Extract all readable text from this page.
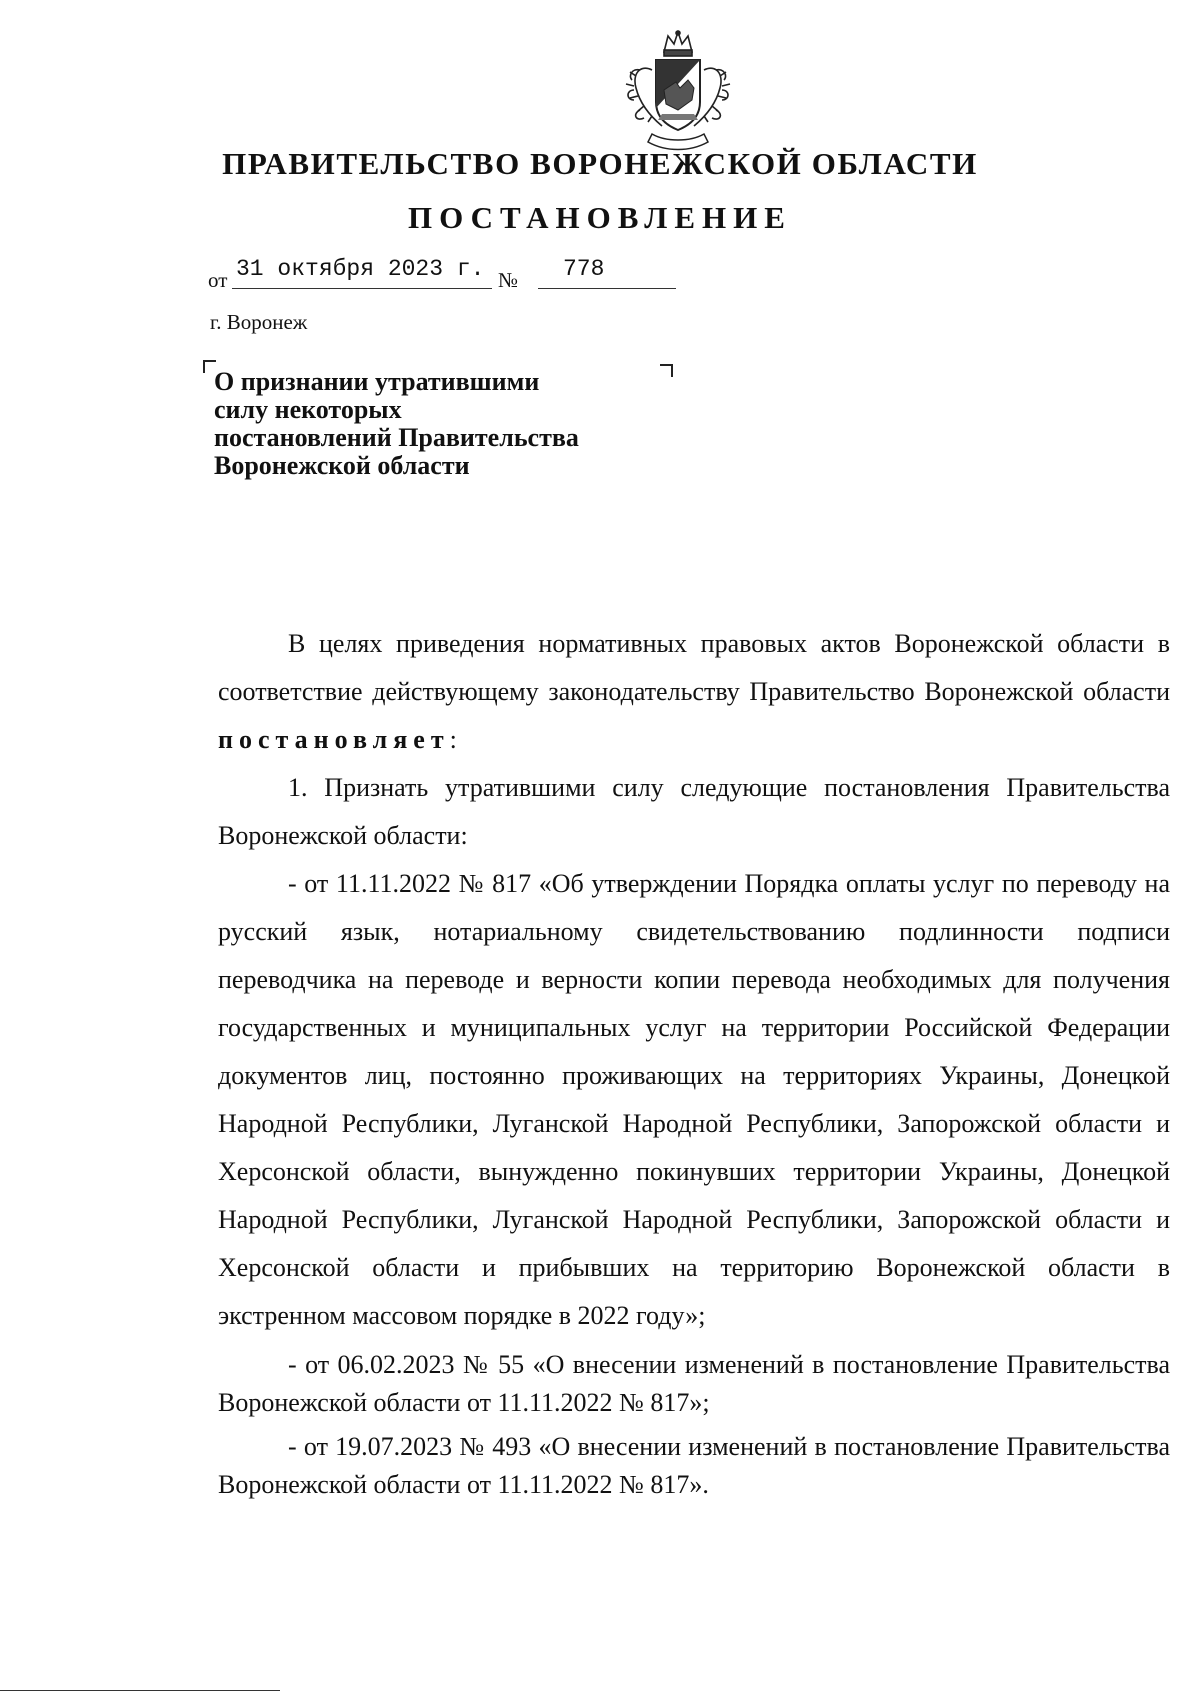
ПРАВИТЕЛЬСТВО ВОРОНЕЖСКОЙ ОБЛАСТИ
ПОСТАНОВЛЕНИЕ
от 31 октября 2023 г. № 778
г. Воронеж
О признании утратившими
силу некоторых
постановлений Правительства
Воронежской области

В целях приведения нормативных правовых актов Воронежской области в соответствие действующему законодательству Правительство Воронежской области постановляет:

1. Признать утратившими силу следующие постановления Правительства Воронежской области:

- от 11.11.2022 № 817 «Об утверждении Порядка оплаты услуг по переводу на русский язык, нотариальному свидетельствованию подлинности подписи переводчика на переводе и верности копии перевода необходимых для получения государственных и муниципальных услуг на территории Российской Федерации документов лиц, постоянно проживающих на территориях Украины, Донецкой Народной Республики, Луганской Народной Республики, Запорожской области и Херсонской области, вынужденно покинувших территории Украины, Донецкой Народной Республики, Луганской Народной Республики, Запорожской области и Херсонской области и прибывших на территорию Воронежской области в экстренном массовом порядке в 2022 году»;

- от 06.02.2023 № 55 «О внесении изменений в постановление Правительства Воронежской области от 11.11.2022 № 817»;

- от 19.07.2023 № 493 «О внесении изменений в постановление Правительства Воронежской области от 11.11.2022 № 817».
